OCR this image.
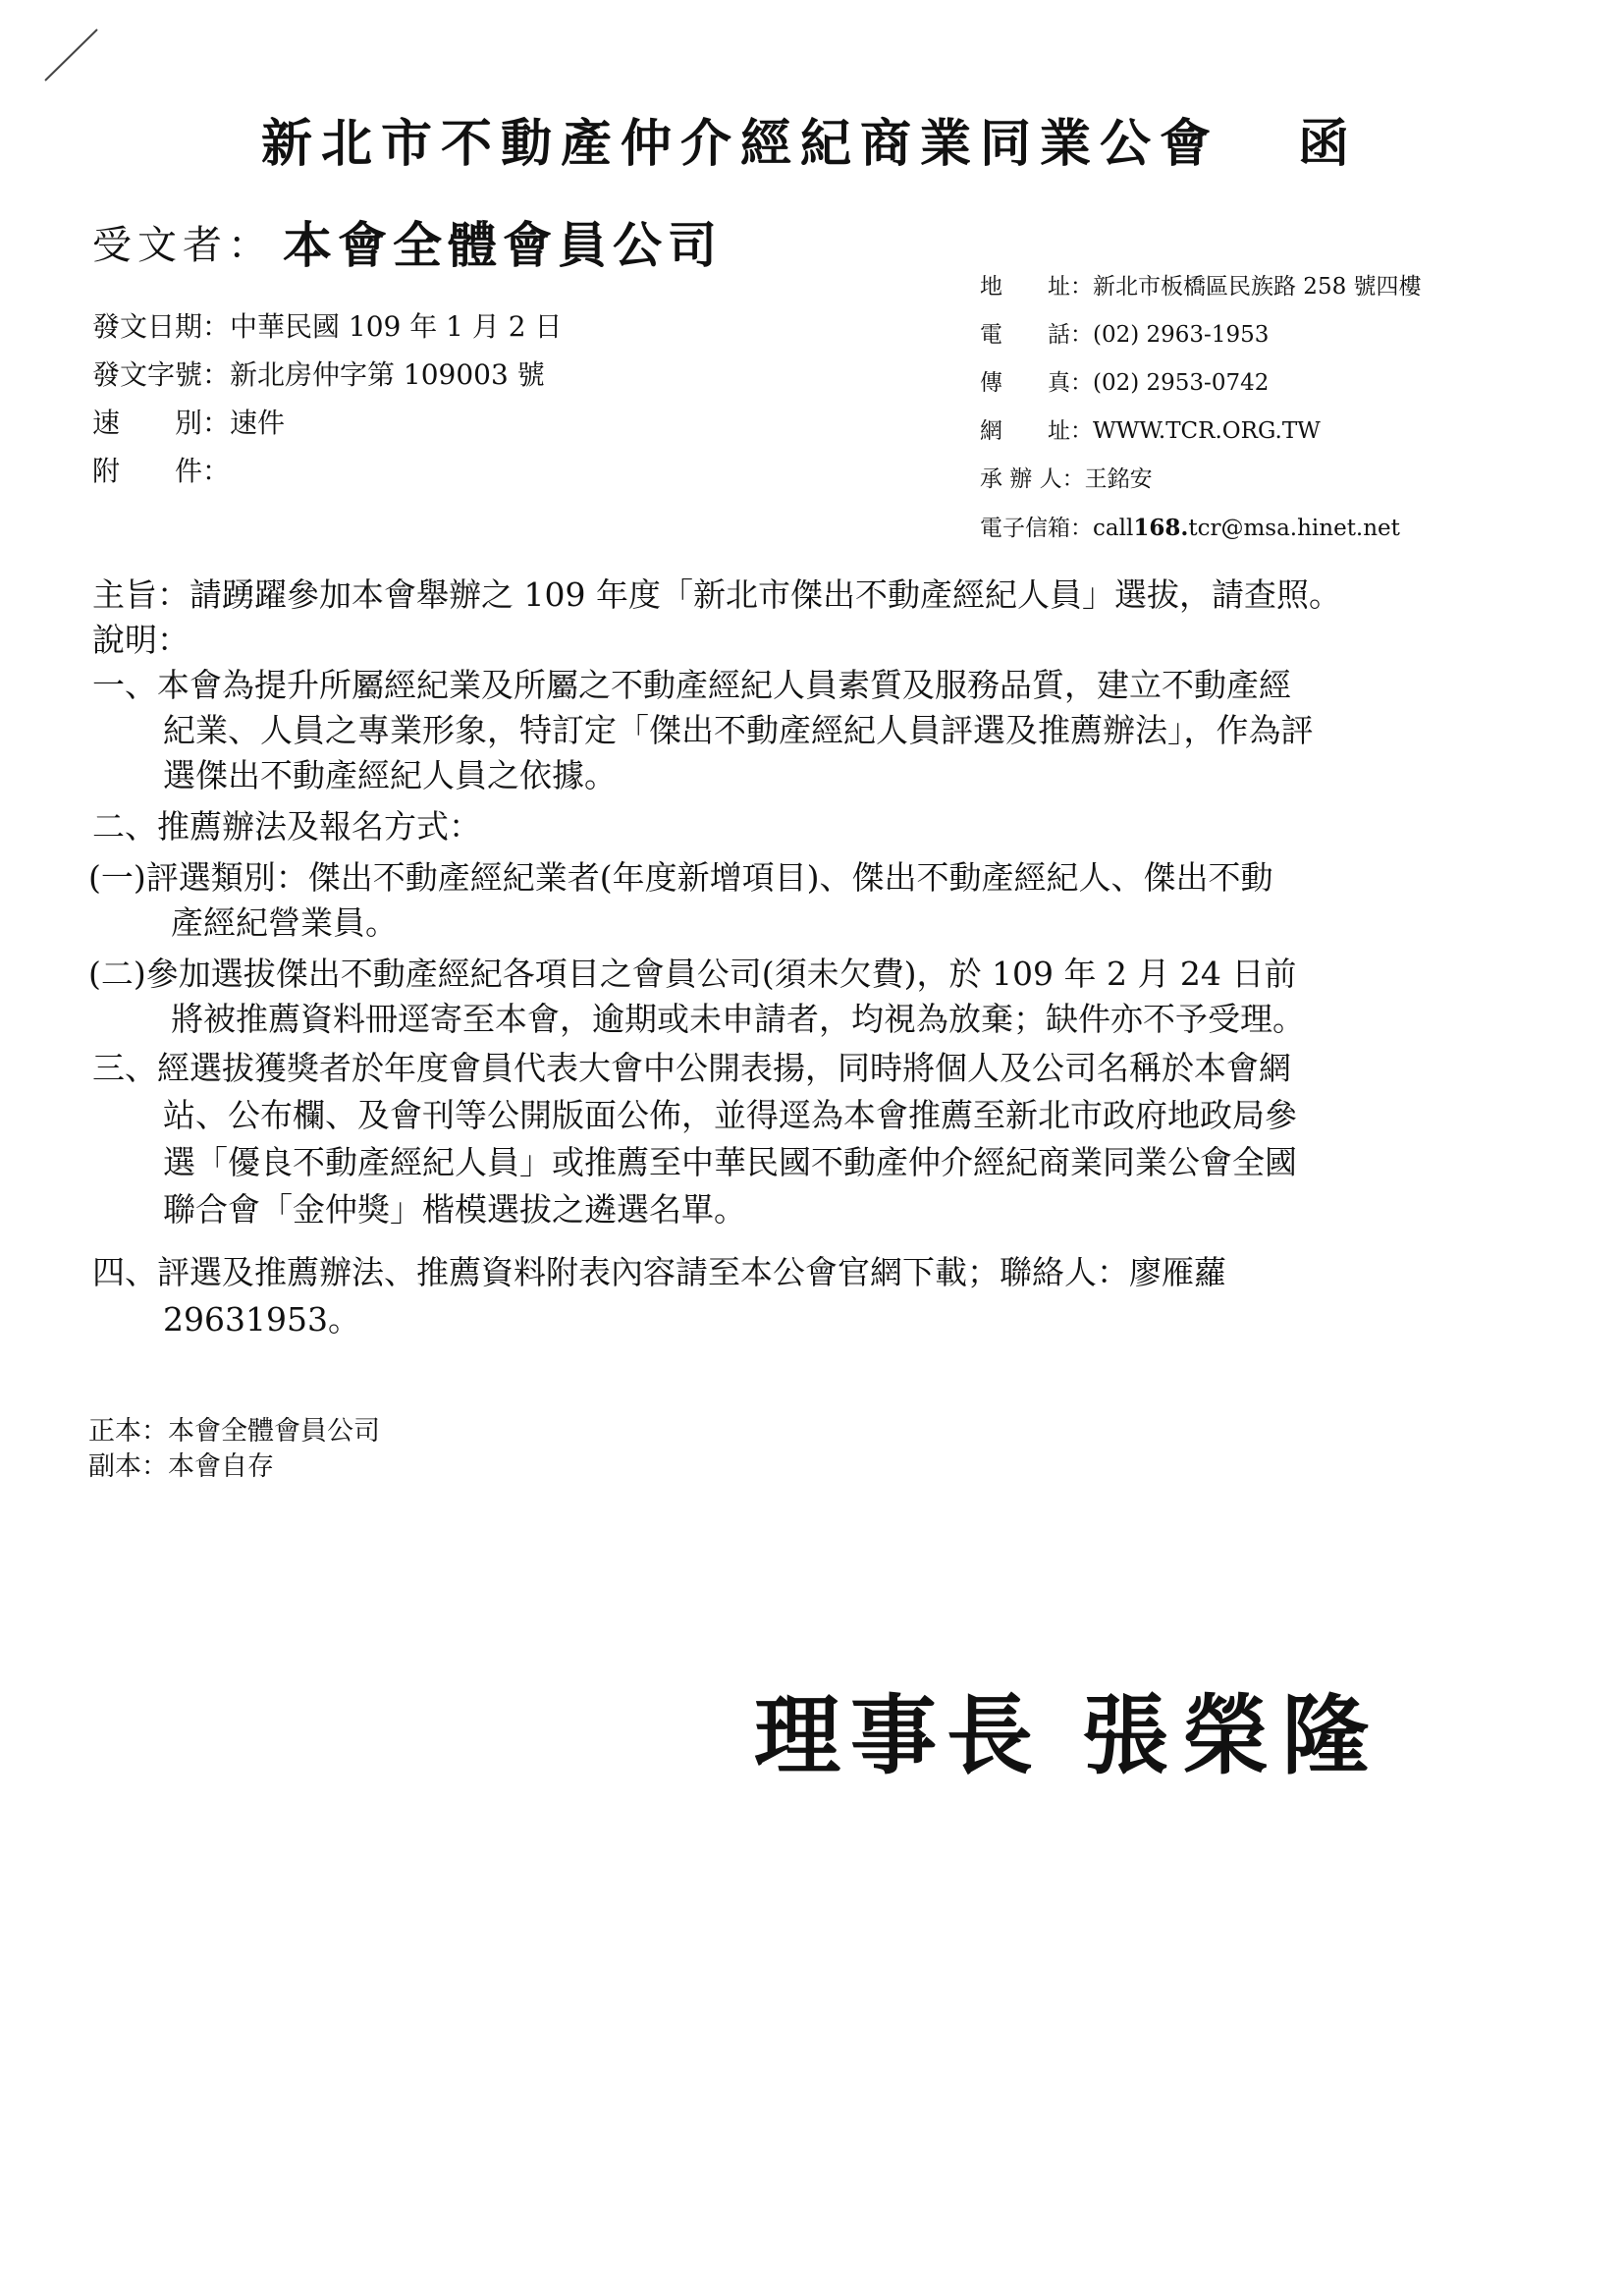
新北市不動產仲介經紀商業同業公會 函
受文者： 本會全體會員公司
發文日期：中華民國 109 年 1 月 2 日
發文字號：新北房仲字第 109003 號
速　　別：速件
附　　件：
地　　址：新北市板橋區民族路 258 號四樓
電　　話：(02) 2963-1953
傳　　真：(02) 2953-0742
網　　址：WWW.TCR.ORG.TW
承 辦 人：王銘安
電子信箱：call168.tcr@msa.hinet.net
主旨：請踴躍參加本會舉辦之 109 年度「新北市傑出不動產經紀人員」選拔，請查照。
說明：
一、本會為提升所屬經紀業及所屬之不動產經紀人員素質及服務品質，建立不動產經
紀業、人員之專業形象，特訂定「傑出不動產經紀人員評選及推薦辦法」，作為評
選傑出不動產經紀人員之依據。
二、推薦辦法及報名方式：
(一)評選類別：傑出不動產經紀業者(年度新增項目)、傑出不動產經紀人、傑出不動
產經紀營業員。
(二)參加選拔傑出不動產經紀各項目之會員公司(須未欠費)，於 109 年 2 月 24 日前
將被推薦資料冊逕寄至本會，逾期或未申請者，均視為放棄；缺件亦不予受理。
三、經選拔獲獎者於年度會員代表大會中公開表揚，同時將個人及公司名稱於本會網
站、公布欄、及會刊等公開版面公佈，並得逕為本會推薦至新北市政府地政局參
選「優良不動產經紀人員」或推薦至中華民國不動產仲介經紀商業同業公會全國
聯合會「金仲獎」楷模選拔之遴選名單。
四、評選及推薦辦法、推薦資料附表內容請至本公會官網下載；聯絡人：廖雁蘿
29631953。
正本：本會全體會員公司
副本：本會自存
理事長 張榮隆
